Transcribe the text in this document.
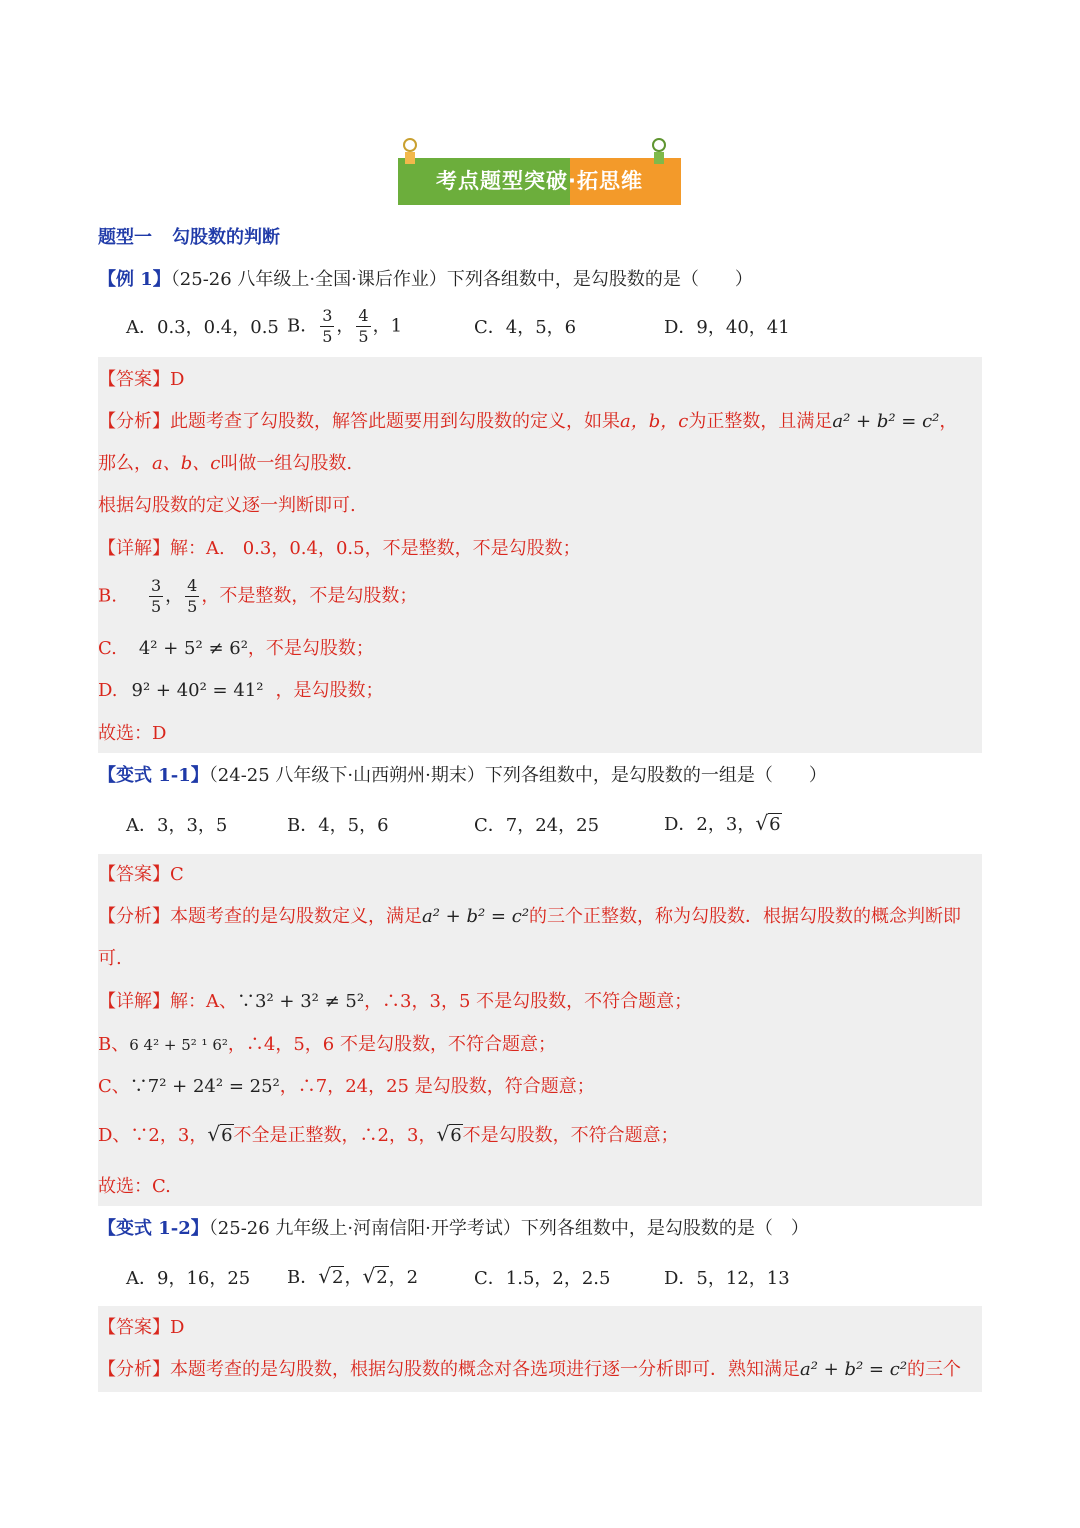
考点题型突破·拓思维
题型一 勾股数的判断
【例 1】（25-26 八年级上·全国·课后作业）下列各组数中，是勾股数的是（　　）
A．0.3，0.4，0.5 B． $\frac{3}{5}$ ， $\frac{4}{5}$ ，1	C．4，5，6	D．9，40，41
【答案】D
【分析】此题考查了勾股数，解答此题要用到勾股数的定义，如果a，b，c为正整数，且满足a² + b² = c²，
那么，a、b、c叫做一组勾股数.
根据勾股数的定义逐一判断即可.
【详解】解：A.　0.3，0.4，0.5，不是整数，不是勾股数；
B. $\frac{3}{5}$ ， $\frac{4}{5}$ ，不是整数，不是勾股数；
C. 4² + 5² ≠ 6²，不是勾股数；
D. 9² + 40² = 41² ，是勾股数；
故选：D
【变式 1-1】（24-25 八年级下·山西朔州·期末）下列各组数中，是勾股数的一组是（　　）
A．3，3，5	B．4，5，6	C．7，24，25	D．2，3，√6
【答案】C
【分析】本题考查的是勾股数定义，满足a² + b² = c²的三个正整数，称为勾股数．根据勾股数的概念判断即
可.
【详解】解：A、∵3² + 3² ≠ 5²，∴3，3，5 不是勾股数，不符合题意；
B、6 4² + 5² ¹ 6²，∴4，5，6 不是勾股数，不符合题意；
C、∵7² + 24² = 25²，∴7，24，25 是勾股数，符合题意；
D、∵2，3，√6不全是正整数，∴2，3，√6不是勾股数，不符合题意；
故选：C.
【变式 1-2】（25-26 九年级上·河南信阳·开学考试）下列各组数中，是勾股数的是（　）
A．9，16，25 B．√2，√2，2	C．1.5，2，2.5	D．5，12，13
【答案】D
【分析】本题考查的是勾股数，根据勾股数的概念对各选项进行逐一分析即可．熟知满足a² + b² = c²的三个
